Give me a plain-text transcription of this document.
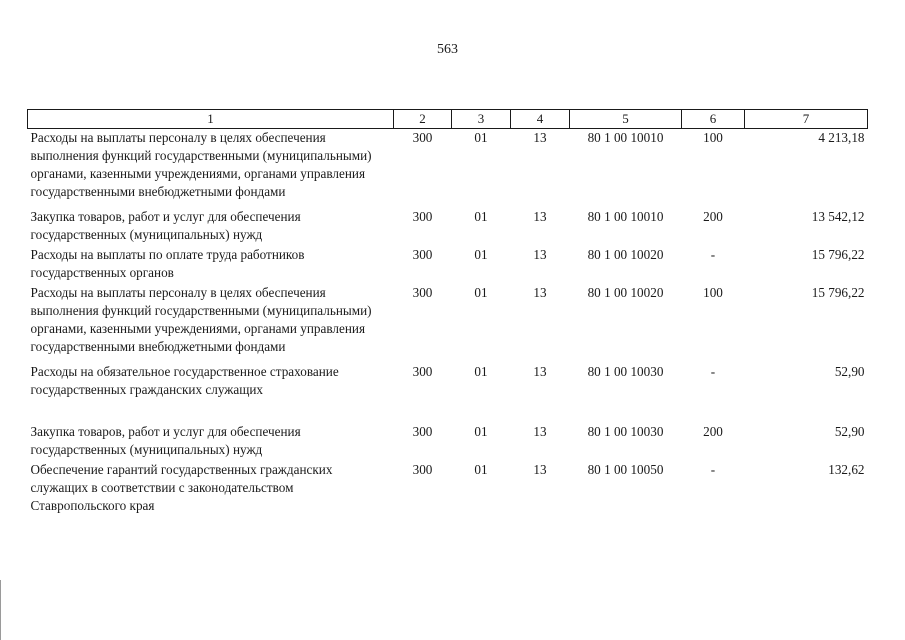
563
1	2	3	4	5	6	7
Расходы на выплаты персоналу в целях обеспечения выполнения функций государственными (муниципальными) органами, казенными учреждениями, органами управления государственными внебюджетными фондами	300	01	13	80 1 00 10010	100	4 213,18
Закупка товаров, работ и услуг для обеспечения государственных (муниципальных) нужд	300	01	13	80 1 00 10010	200	13 542,12
Расходы на выплаты по оплате труда работников государственных органов	300	01	13	80 1 00 10020	-	15 796,22
Расходы на выплаты персоналу в целях обеспечения выполнения функций государственными (муниципальными) органами, казенными учреждениями, органами управления государственными внебюджетными фондами	300	01	13	80 1 00 10020	100	15 796,22
Расходы на обязательное государственное страхование государственных гражданских служащих	300	01	13	80 1 00 10030	-	52,90
Закупка товаров, работ и услуг для обеспечения государственных (муниципальных) нужд	300	01	13	80 1 00 10030	200	52,90
Обеспечение гарантий государственных гражданских служащих в соответствии с законодательством Ставропольского края	300	01	13	80 1 00 10050	-	132,62
